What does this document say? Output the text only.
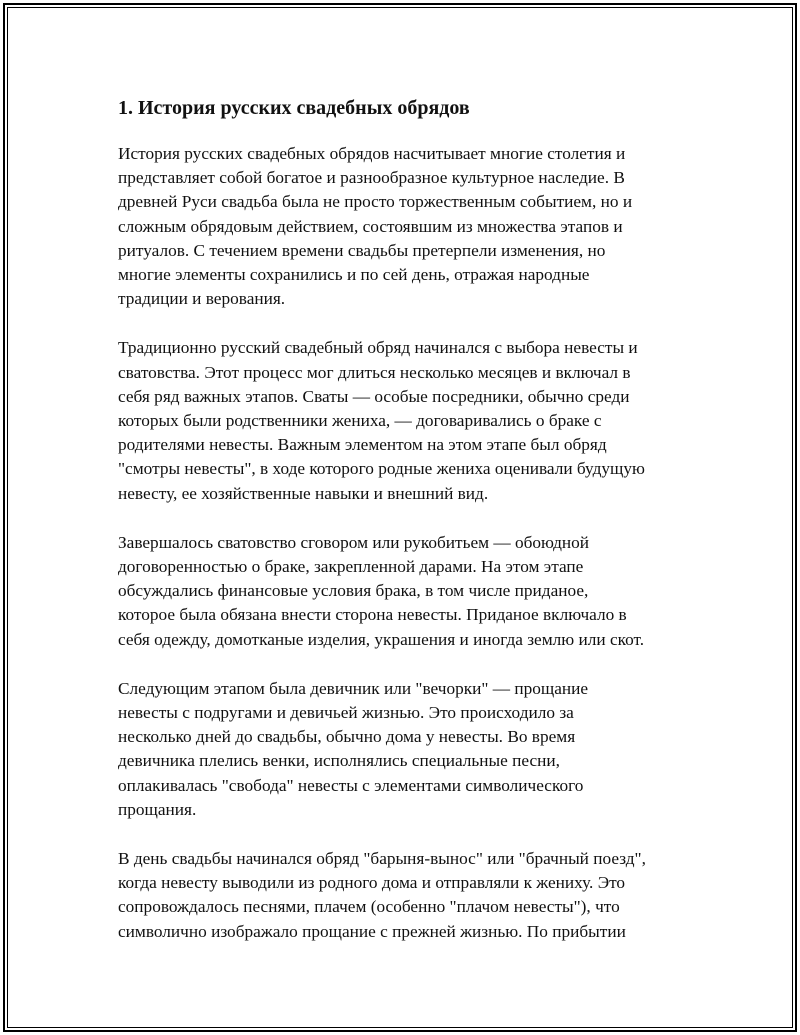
1. История русских свадебных обрядов

История русских свадебных обрядов насчитывает многие столетия и
представляет собой богатое и разнообразное культурное наследие. В
древней Руси свадьба была не просто торжественным событием, но и
сложным обрядовым действием, состоявшим из множества этапов и
ритуалов. С течением времени свадьбы претерпели изменения, но
многие элементы сохранились и по сей день, отражая народные
традиции и верования.

Традиционно русский свадебный обряд начинался с выбора невесты и
сватовства. Этот процесс мог длиться несколько месяцев и включал в
себя ряд важных этапов. Сваты — особые посредники, обычно среди
которых были родственники жениха, — договаривались о браке с
родителями невесты. Важным элементом на этом этапе был обряд
"смотры невесты", в ходе которого родные жениха оценивали будущую
невесту, ее хозяйственные навыки и внешний вид.

Завершалось сватовство сговором или рукобитьем — обоюдной
договоренностью о браке, закрепленной дарами. На этом этапе
обсуждались финансовые условия брака, в том числе приданое,
которое была обязана внести сторона невесты. Приданое включало в
себя одежду, домотканые изделия, украшения и иногда землю или скот.

Следующим этапом была девичник или "вечорки" — прощание
невесты с подругами и девичьей жизнью. Это происходило за
несколько дней до свадьбы, обычно дома у невесты. Во время
девичника плелись венки, исполнялись специальные песни,
оплакивалась "свобода" невесты с элементами символического
прощания.

В день свадьбы начинался обряд "барыня-вынос" или "брачный поезд",
когда невесту выводили из родного дома и отправляли к жениху. Это
сопровождалось песнями, плачем (особенно "плачом невесты"), что
символично изображало прощание с прежней жизнью. По прибытии
